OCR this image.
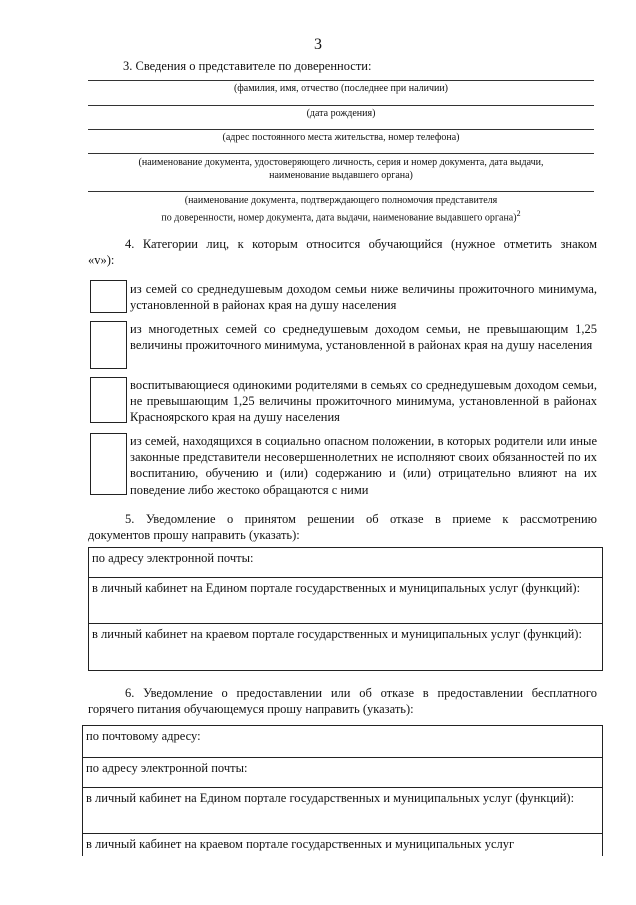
3
3. Сведения о представителе по доверенности:
(фамилия, имя, отчество (последнее при наличии)
(дата рождения)
(адрес постоянного места жительства, номер телефона)
(наименование документа, удостоверяющего личность, серия и номер документа, дата выдачи,
наименование выдавшего органа)
(наименование документа, подтверждающего полномочия представителя
по доверенности, номер документа, дата выдачи, наименование выдавшего органа)$^2$
4. Категории лиц, к которым относится обучающийся (нужное отметить знаком
«v»):
из семей со среднедушевым доходом семьи ниже величины прожиточного минимума, установленной в районах края на душу населения
из многодетных семей со среднедушевым доходом семьи, не превышающим 1,25 величины прожиточного минимума, установленной в районах края на душу населения
воспитывающиеся одинокими родителями в семьях со среднедушевым доходом семьи, не превышающим 1,25 величины прожиточного минимума, установленной в районах Красноярского края на душу населения
из семей, находящихся в социально опасном положении, в которых родители или иные законные представители несовершеннолетних не исполняют своих обязанностей по их воспитанию, обучению и (или) содержанию и (или) отрицательно влияют на их поведение либо жестоко обращаются с ними
5. Уведомление о принятом решении об отказе в приеме к рассмотрению
документов прошу направить (указать):
по адресу электронной почты:
в личный кабинет на Едином портале государственных и муниципальных услуг (функций):
в личный кабинет на краевом портале государственных и муниципальных услуг (функций):
6. Уведомление о предоставлении или об отказе в предоставлении бесплатного
горячего питания обучающемуся прошу направить (указать):
по почтовому адресу:
по адресу электронной почты:
в личный кабинет на Едином портале государственных и муниципальных услуг (функций):
в личный кабинет на краевом портале государственных и муниципальных услуг
